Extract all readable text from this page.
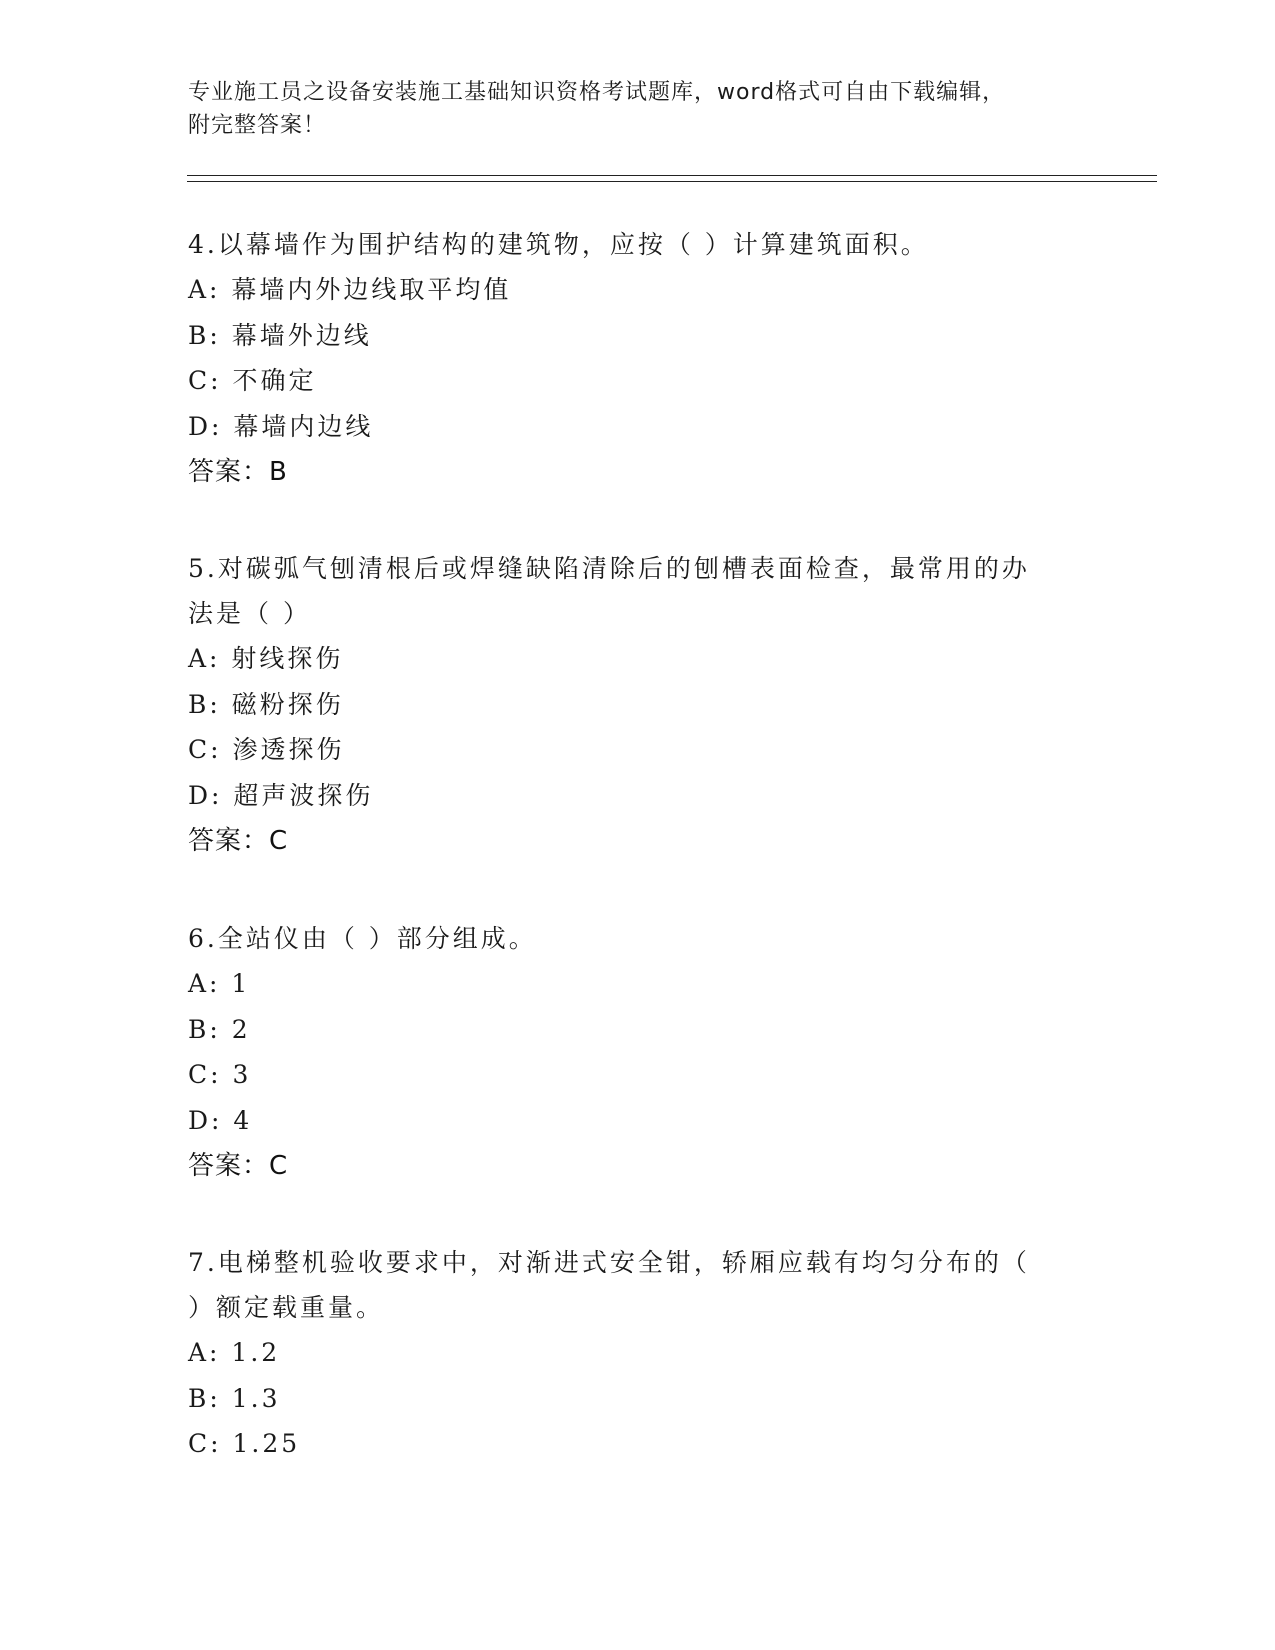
专业施工员之设备安装施工基础知识资格考试题库，word格式可自由下载编辑，
附完整答案！
4.以幕墙作为围护结构的建筑物，应按（ ）计算建筑面积。
A: 幕墙内外边线取平均值
B: 幕墙外边线
C: 不确定
D: 幕墙内边线
答案：B
5.对碳弧气刨清根后或焊缝缺陷清除后的刨槽表面检查，最常用的办
法是（ ）
A: 射线探伤
B: 磁粉探伤
C: 渗透探伤
D: 超声波探伤
答案：C
6.全站仪由（ ）部分组成。
A: 1
B: 2
C: 3
D: 4
答案：C
7.电梯整机验收要求中，对渐进式安全钳，轿厢应载有均匀分布的（
）额定载重量。
A: 1.2
B: 1.3
C: 1.25
